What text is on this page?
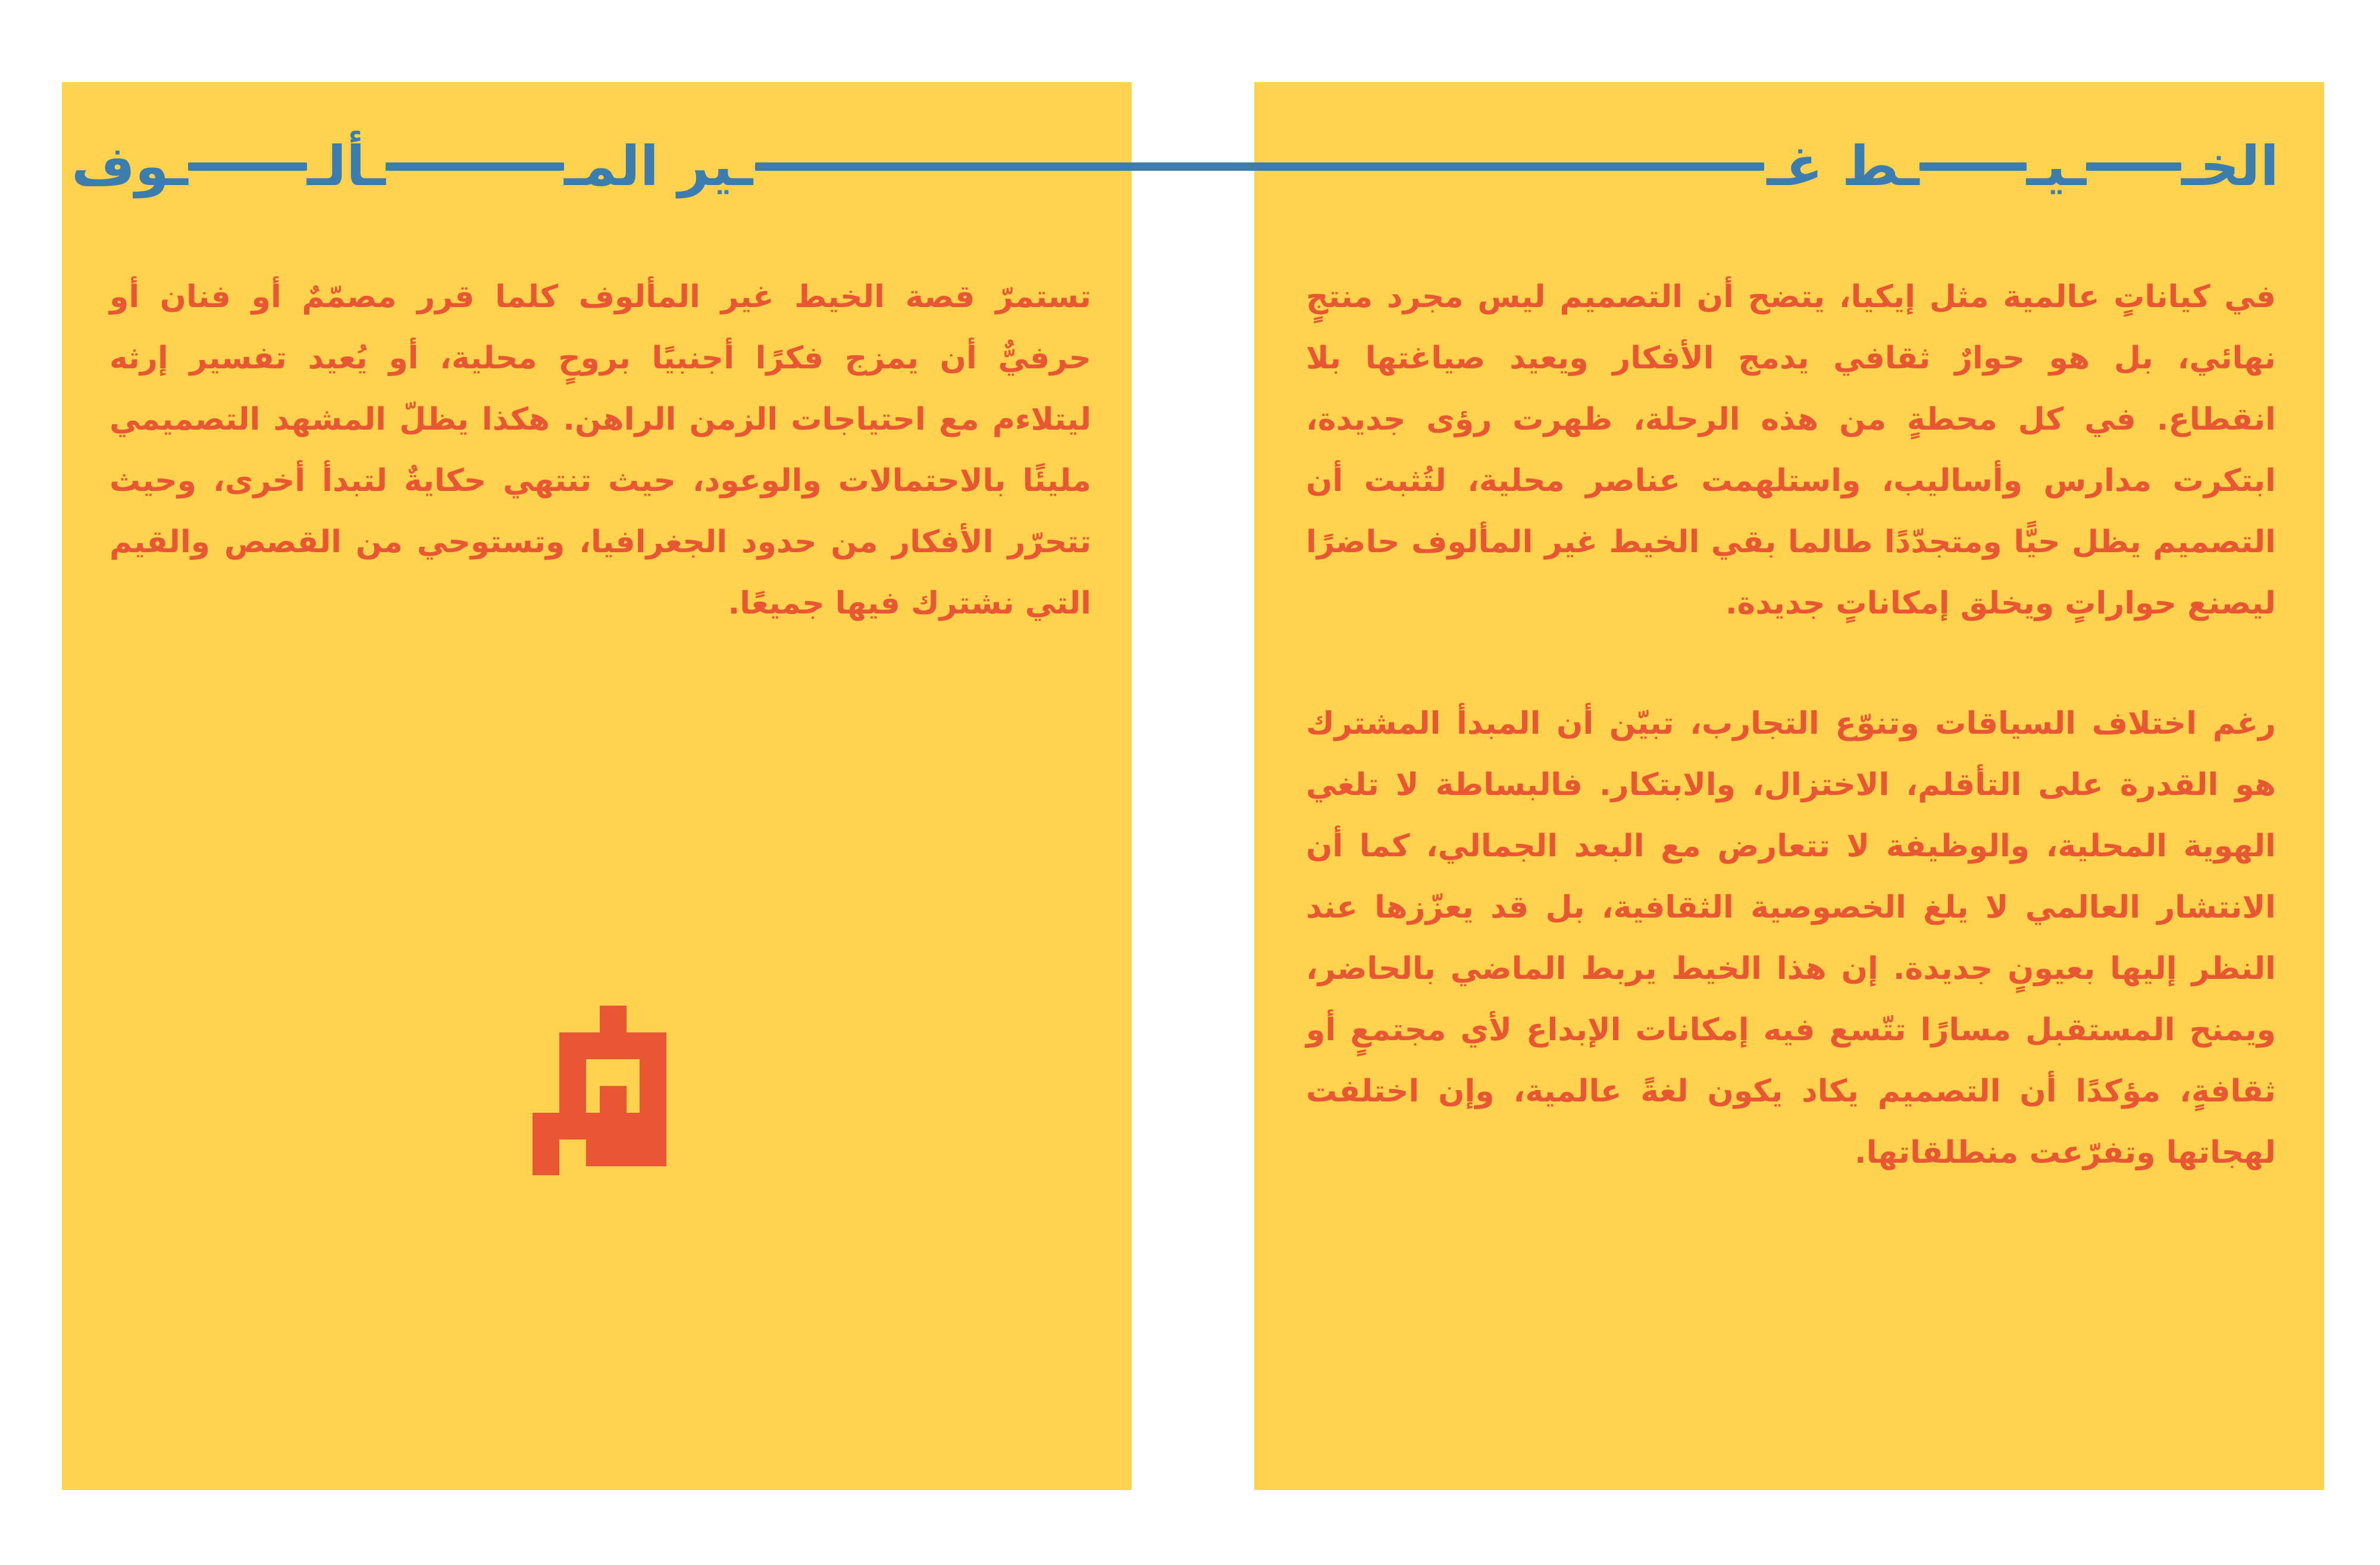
الخـ
ـيـ
ـط غـ
ـير المـ
ـألـ
ـوف

تستمرّ قصة الخيط غير المألوف كلما قرر مصمّمٌ أو فنان أو حرفيٌّ أن يمزج فكرًا أجنبيًا بروحٍ محلية، أو يُعيد تفسير إرثه ليتلاءم مع احتياجات الزمن الراهن. هكذا يظلّ المشهد التصميمي مليئًا بالاحتمالات والوعود، حيث تنتهي حكايةٌ لتبدأ أخرى، وحيث تتحرّر الأفكار من حدود الجغرافيا، وتستوحي من القصص والقيم التي نشترك فيها جميعًا.

في كياناتٍ عالمية مثل إيكيا، يتضح أن التصميم ليس مجرد منتجٍ نهائي، بل هو حوارٌ ثقافي يدمج الأفكار ويعيد صياغتها بلا انقطاع. في كل محطةٍ من هذه الرحلة، ظهرت رؤى جديدة، ابتكرت مدارس وأساليب، واستلهمت عناصر محلية، لتُثبت أن التصميم يظل حيًّا ومتجدّدًا طالما بقي الخيط غير المألوف حاضرًا ليصنع حواراتٍ ويخلق إمكاناتٍ جديدة.

رغم اختلاف السياقات وتنوّع التجارب، تبيّن أن المبدأ المشترك هو القدرة على التأقلم، الاختزال، والابتكار. فالبساطة لا تلغي الهوية المحلية، والوظيفة لا تتعارض مع البعد الجمالي، كما أن الانتشار العالمي لا يلغ الخصوصية الثقافية، بل قد يعزّزها عند النظر إليها بعيونٍ جديدة. إن هذا الخيط يربط الماضي بالحاضر، ويمنح المستقبل مسارًا تتّسع فيه إمكانات الإبداع لأي مجتمعٍ أو ثقافةٍ، مؤكدًا أن التصميم يكاد يكون لغةً عالمية، وإن اختلفت لهجاتها وتفرّعت منطلقاتها.
